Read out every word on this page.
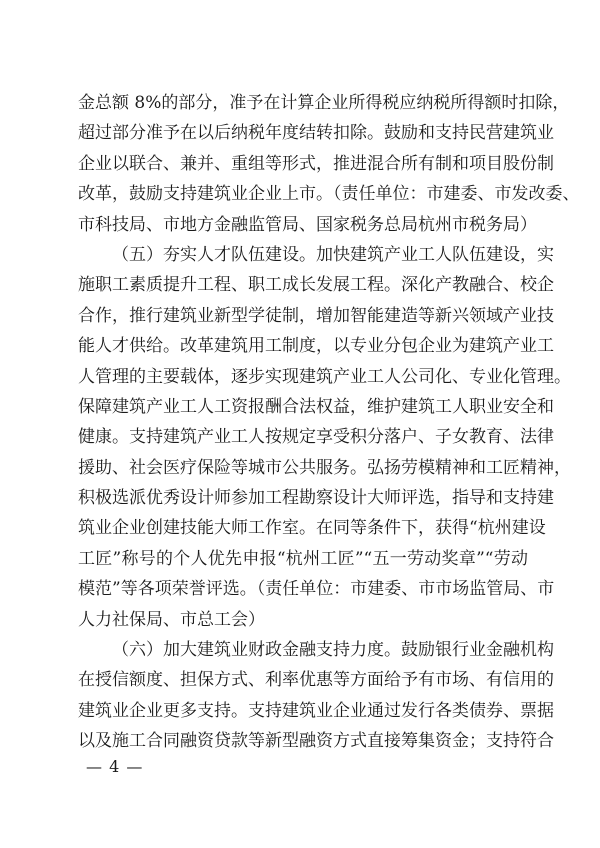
金总额 8%的部分，准予在计算企业所得税应纳税所得额时扣除，
超过部分准予在以后纳税年度结转扣除。鼓励和支持民营建筑业
企业以联合、兼并、重组等形式，推进混合所有制和项目股份制
改革，鼓励支持建筑业企业上市。（责任单位：市建委、市发改委、
市科技局、市地方金融监管局、国家税务总局杭州市税务局）
（五）夯实人才队伍建设。加快建筑产业工人队伍建设，实
施职工素质提升工程、职工成长发展工程。深化产教融合、校企
合作，推行建筑业新型学徒制，增加智能建造等新兴领域产业技
能人才供给。改革建筑用工制度，以专业分包企业为建筑产业工
人管理的主要载体，逐步实现建筑产业工人公司化、专业化管理。
保障建筑产业工人工资报酬合法权益，维护建筑工人职业安全和
健康。支持建筑产业工人按规定享受积分落户、子女教育、法律
援助、社会医疗保险等城市公共服务。弘扬劳模精神和工匠精神，
积极选派优秀设计师参加工程勘察设计大师评选，指导和支持建
筑业企业创建技能大师工作室。在同等条件下，获得“杭州建设
工匠”称号的个人优先申报“杭州工匠”“五一劳动奖章”“劳动
模范”等各项荣誉评选。（责任单位：市建委、市市场监管局、市
人力社保局、市总工会）
（六）加大建筑业财政金融支持力度。鼓励银行业金融机构
在授信额度、担保方式、利率优惠等方面给予有市场、有信用的
建筑业企业更多支持。支持建筑业企业通过发行各类债券、票据
以及施工合同融资贷款等新型融资方式直接筹集资金；支持符合
— 4 —
